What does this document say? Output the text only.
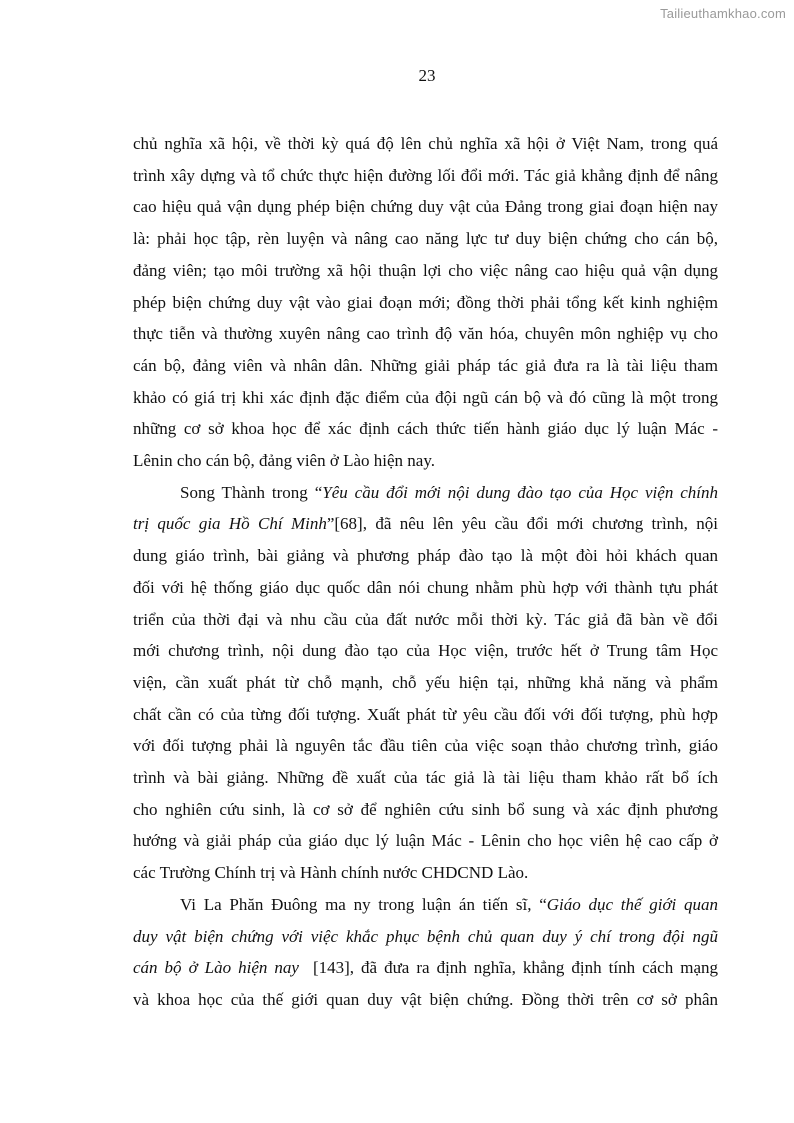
Tailieuthamkhao.com
23
chủ nghĩa xã hội, về thời kỳ quá độ lên chủ nghĩa xã hội ở Việt Nam, trong quá
trình xây dựng và tổ chức thực hiện đường lối đổi mới. Tác giả khẳng định để nâng
cao hiệu quả vận dụng phép biện chứng duy vật của Đảng trong giai đoạn hiện nay
là: phải học tập, rèn luyện và nâng cao năng lực tư duy biện chứng cho cán bộ,
đảng viên; tạo môi trường xã hội thuận lợi cho việc nâng cao hiệu quả vận dụng
phép biện chứng duy vật vào giai đoạn mới; đồng thời phải tổng kết kinh nghiệm
thực tiễn và thường xuyên nâng cao trình độ văn hóa, chuyên môn nghiệp vụ cho
cán bộ, đảng viên và nhân dân. Những giải pháp tác giả đưa ra là tài liệu tham
khảo có giá trị khi xác định đặc điểm của đội ngũ cán bộ và đó cũng là một trong
những cơ sở khoa học để xác định cách thức tiến hành giáo dục lý luận Mác -
Lênin cho cán bộ, đảng viên ở Lào hiện nay.
Song Thành trong “Yêu cầu đổi mới nội dung đào tạo của Học viện chính
trị quốc gia Hồ Chí Minh”[68], đã nêu lên yêu cầu đổi mới chương trình, nội
dung giáo trình, bài giảng và phương pháp đào tạo là một đòi hỏi khách quan
đối với hệ thống giáo dục quốc dân nói chung nhằm phù hợp với thành tựu phát
triển của thời đại và nhu cầu của đất nước mỗi thời kỳ. Tác giả đã bàn về đổi
mới chương trình, nội dung đào tạo của Học viện, trước hết ở Trung tâm Học
viện, cần xuất phát từ chỗ mạnh, chỗ yếu hiện tại, những khả năng và phẩm
chất cần có của từng đối tượng. Xuất phát từ yêu cầu đối với đối tượng, phù hợp
với đối tượng phải là nguyên tắc đầu tiên của việc soạn thảo chương trình, giáo
trình và bài giảng. Những đề xuất của tác giả là tài liệu tham khảo rất bổ ích
cho nghiên cứu sinh, là cơ sở để nghiên cứu sinh bổ sung và xác định phương
hướng và giải pháp của giáo dục lý luận Mác - Lênin cho học viên hệ cao cấp ở
các Trường Chính trị và Hành chính nước CHDCND Lào.
Vi La Phăn Đuông ma ny trong luận án tiến sĩ, “Giáo dục thế giới quan
duy vật biện chứng với việc khắc phục bệnh chủ quan duy ý chí trong đội ngũ
cán bộ ở Lào hiện nay  [143], đã đưa ra định nghĩa, khẳng định tính cách mạng
và khoa học của thế giới quan duy vật biện chứng. Đồng thời trên cơ sở phân
